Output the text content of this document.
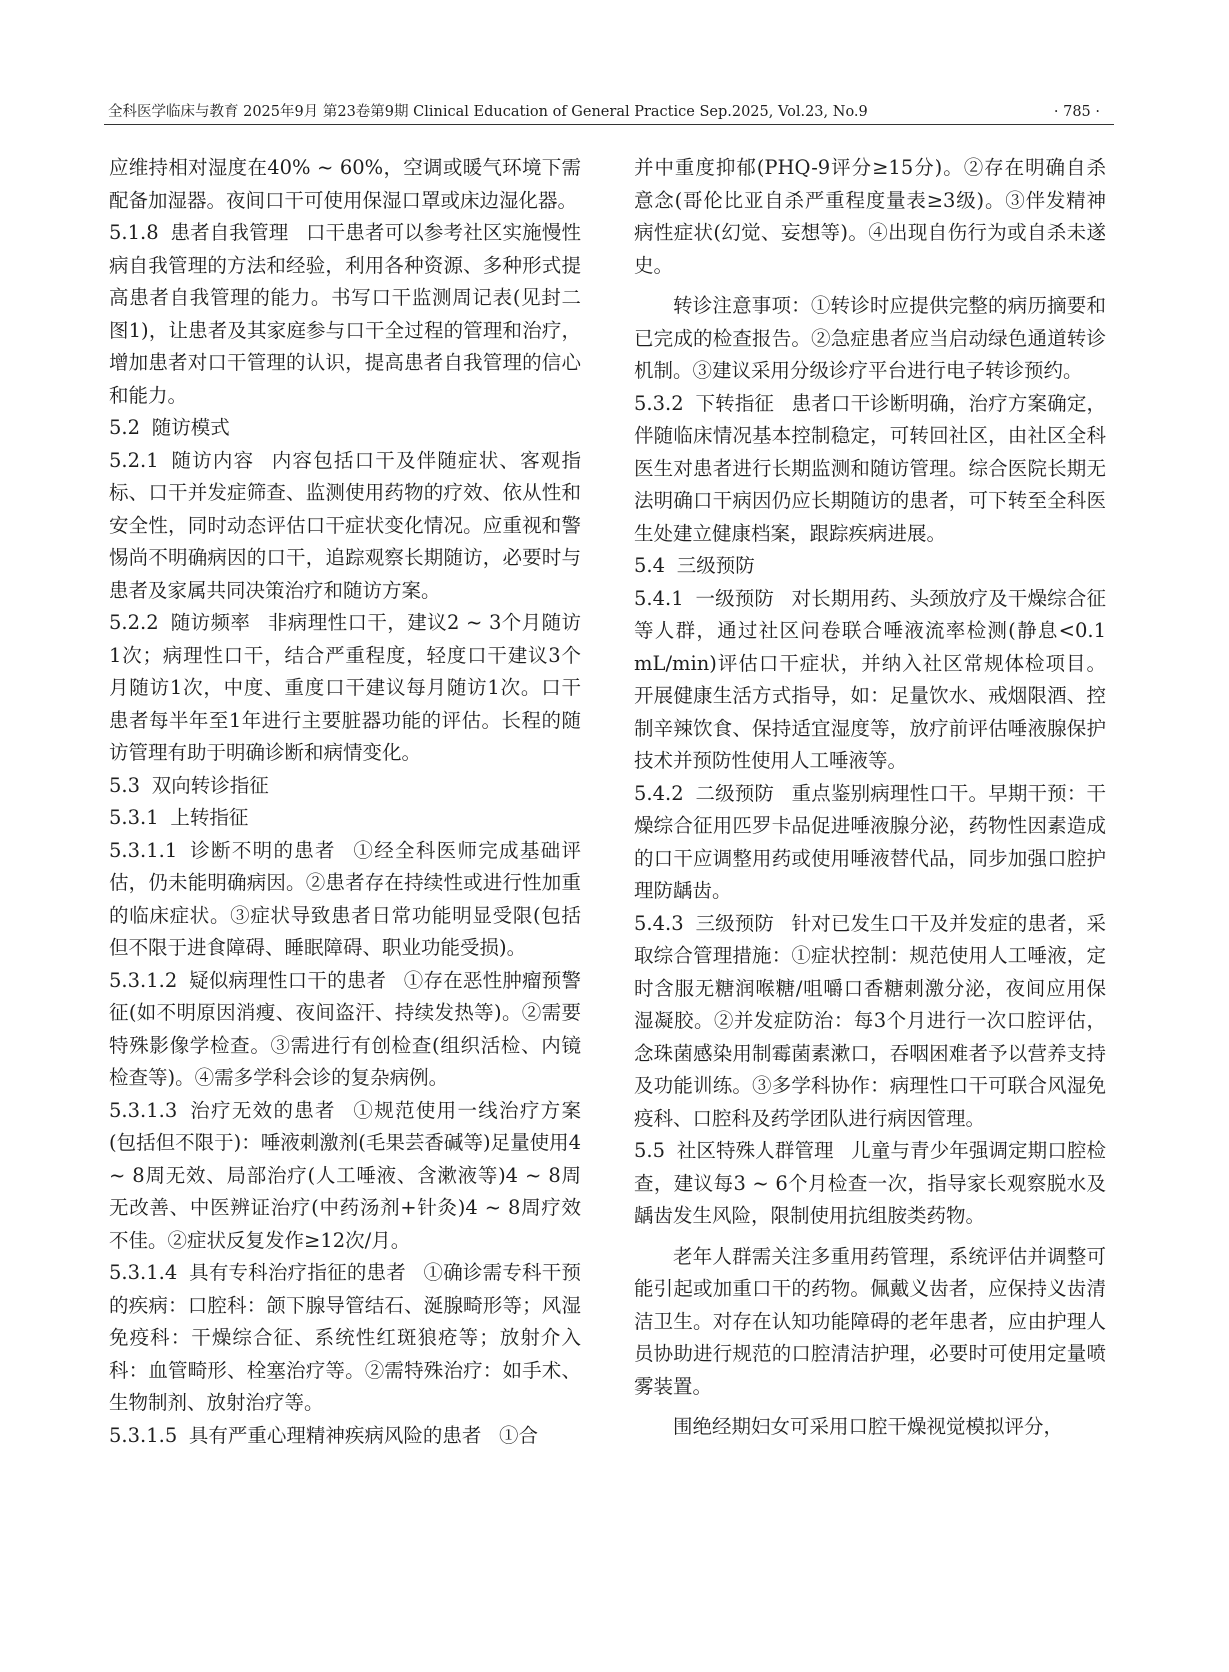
全科医学临床与教育 2025年9月 第23卷第9期 Clinical Education of General Practice Sep.2025, Vol.23, No.9	· 785 ·

应维持相对湿度在40% ~ 60%，空调或暖气环境下需配备加湿器。夜间口干可使用保湿口罩或床边湿化器。

5.1.8 患者自我管理 口干患者可以参考社区实施慢性病自我管理的方法和经验，利用各种资源、多种形式提高患者自我管理的能力。书写口干监测周记表(见封二图1)，让患者及其家庭参与口干全过程的管理和治疗，增加患者对口干管理的认识，提高患者自我管理的信心和能力。

5.2 随访模式

5.2.1 随访内容 内容包括口干及伴随症状、客观指标、口干并发症筛查、监测使用药物的疗效、依从性和安全性，同时动态评估口干症状变化情况。应重视和警惕尚不明确病因的口干，追踪观察长期随访，必要时与患者及家属共同决策治疗和随访方案。

5.2.2 随访频率 非病理性口干，建议2 ~ 3个月随访1次；病理性口干，结合严重程度，轻度口干建议3个月随访1次，中度、重度口干建议每月随访1次。口干患者每半年至1年进行主要脏器功能的评估。长程的随访管理有助于明确诊断和病情变化。

5.3 双向转诊指征

5.3.1 上转指征

5.3.1.1 诊断不明的患者 ①经全科医师完成基础评估，仍未能明确病因。②患者存在持续性或进行性加重的临床症状。③症状导致患者日常功能明显受限(包括但不限于进食障碍、睡眠障碍、职业功能受损)。

5.3.1.2 疑似病理性口干的患者 ①存在恶性肿瘤预警征(如不明原因消瘦、夜间盗汗、持续发热等)。②需要特殊影像学检查。③需进行有创检查(组织活检、内镜检查等)。④需多学科会诊的复杂病例。

5.3.1.3 治疗无效的患者 ①规范使用一线治疗方案(包括但不限于)：唾液刺激剂(毛果芸香碱等)足量使用4 ~ 8周无效、局部治疗(人工唾液、含漱液等)4 ~ 8周无改善、中医辨证治疗(中药汤剂+针灸)4 ~ 8周疗效不佳。②症状反复发作≥12次/月。

5.3.1.4 具有专科治疗指征的患者 ①确诊需专科干预的疾病：口腔科：颌下腺导管结石、涎腺畸形等；风湿免疫科：干燥综合征、系统性红斑狼疮等；放射介入科：血管畸形、栓塞治疗等。②需特殊治疗：如手术、生物制剂、放射治疗等。

5.3.1.5 具有严重心理精神疾病风险的患者 ①合

并中重度抑郁(PHQ-9评分≥15分)。②存在明确自杀意念(哥伦比亚自杀严重程度量表≥3级)。③伴发精神病性症状(幻觉、妄想等)。④出现自伤行为或自杀未遂史。

转诊注意事项：①转诊时应提供完整的病历摘要和已完成的检查报告。②急症患者应当启动绿色通道转诊机制。③建议采用分级诊疗平台进行电子转诊预约。

5.3.2 下转指征 患者口干诊断明确，治疗方案确定，伴随临床情况基本控制稳定，可转回社区，由社区全科医生对患者进行长期监测和随访管理。综合医院长期无法明确口干病因仍应长期随访的患者，可下转至全科医生处建立健康档案，跟踪疾病进展。

5.4 三级预防

5.4.1 一级预防 对长期用药、头颈放疗及干燥综合征等人群，通过社区问卷联合唾液流率检测(静息<0.1 mL/min)评估口干症状，并纳入社区常规体检项目。开展健康生活方式指导，如：足量饮水、戒烟限酒、控制辛辣饮食、保持适宜湿度等，放疗前评估唾液腺保护技术并预防性使用人工唾液等。

5.4.2 二级预防 重点鉴别病理性口干。早期干预：干燥综合征用匹罗卡品促进唾液腺分泌，药物性因素造成的口干应调整用药或使用唾液替代品，同步加强口腔护理防龋齿。

5.4.3 三级预防 针对已发生口干及并发症的患者，采取综合管理措施：①症状控制：规范使用人工唾液，定时含服无糖润喉糖/咀嚼口香糖刺激分泌，夜间应用保湿凝胶。②并发症防治：每3个月进行一次口腔评估，念珠菌感染用制霉菌素漱口，吞咽困难者予以营养支持及功能训练。③多学科协作：病理性口干可联合风湿免疫科、口腔科及药学团队进行病因管理。

5.5 社区特殊人群管理 儿童与青少年强调定期口腔检查，建议每3 ~ 6个月检查一次，指导家长观察脱水及龋齿发生风险，限制使用抗组胺类药物。

老年人群需关注多重用药管理，系统评估并调整可能引起或加重口干的药物。佩戴义齿者，应保持义齿清洁卫生。对存在认知功能障碍的老年患者，应由护理人员协助进行规范的口腔清洁护理，必要时可使用定量喷雾装置。

围绝经期妇女可采用口腔干燥视觉模拟评分，
